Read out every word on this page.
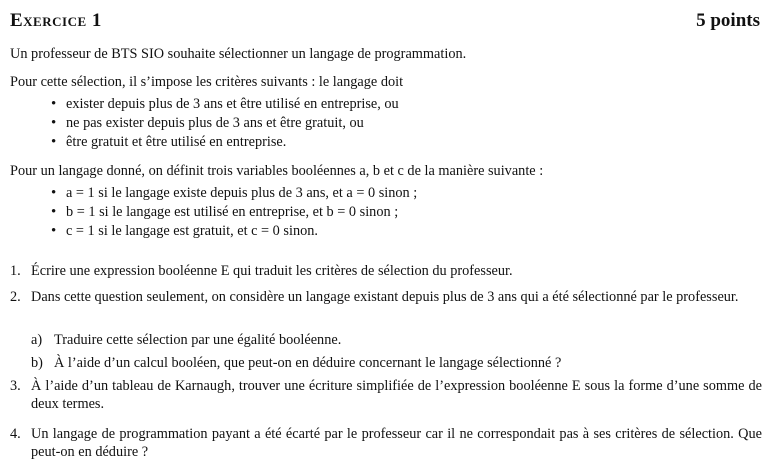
Exercice 1	5 points
Un professeur de BTS SIO souhaite sélectionner un langage de programmation.
Pour cette sélection, il s’impose les critères suivants : le langage doit
• exister depuis plus de 3 ans et être utilisé en entreprise, ou
• ne pas exister depuis plus de 3 ans et être gratuit, ou
• être gratuit et être utilisé en entreprise.
Pour un langage donné, on définit trois variables booléennes a, b et c de la manière suivante :
• a = 1 si le langage existe depuis plus de 3 ans, et a = 0 sinon ;
• b = 1 si le langage est utilisé en entreprise, et b = 0 sinon ;
• c = 1 si le langage est gratuit, et c = 0 sinon.
1. Écrire une expression booléenne E qui traduit les critères de sélection du professeur.
2. Dans cette question seulement, on considère un langage existant depuis plus de 3 ans qui a été sélectionné par le professeur.
a) Traduire cette sélection par une égalité booléenne.
b) À l’aide d’un calcul booléen, que peut-on en déduire concernant le langage sélectionné ?
3. À l’aide d’un tableau de Karnaugh, trouver une écriture simplifiée de l’expression booléenne E sous la forme d’une somme de deux termes.
4. Un langage de programmation payant a été écarté par le professeur car il ne correspondait pas à ses critères de sélection. Que peut-on en déduire ?
